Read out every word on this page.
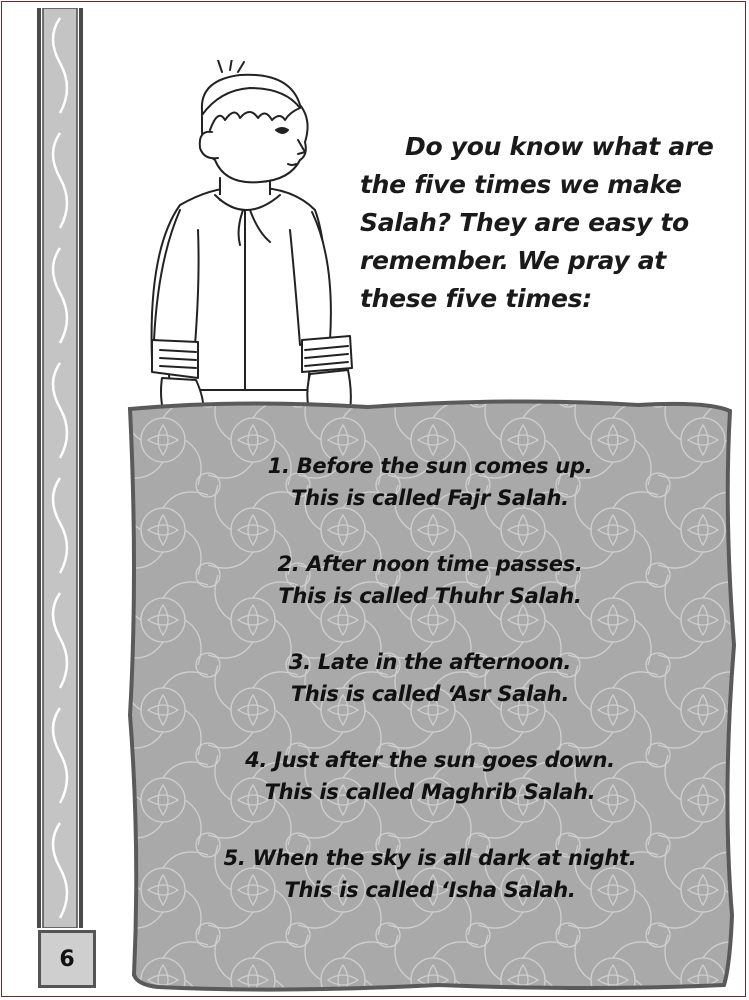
6

Do you know what are the five times we make Salah? They are easy to remember. We pray at these five times:

1. Before the sun comes up.
This is called Fajr Salah.
2. After noon time passes.
This is called Thuhr Salah.
3. Late in the afternoon.
This is called ‘Asr Salah.
4. Just after the sun goes down.
This is called Maghrib Salah.
5. When the sky is all dark at night.
This is called ‘Isha Salah.
